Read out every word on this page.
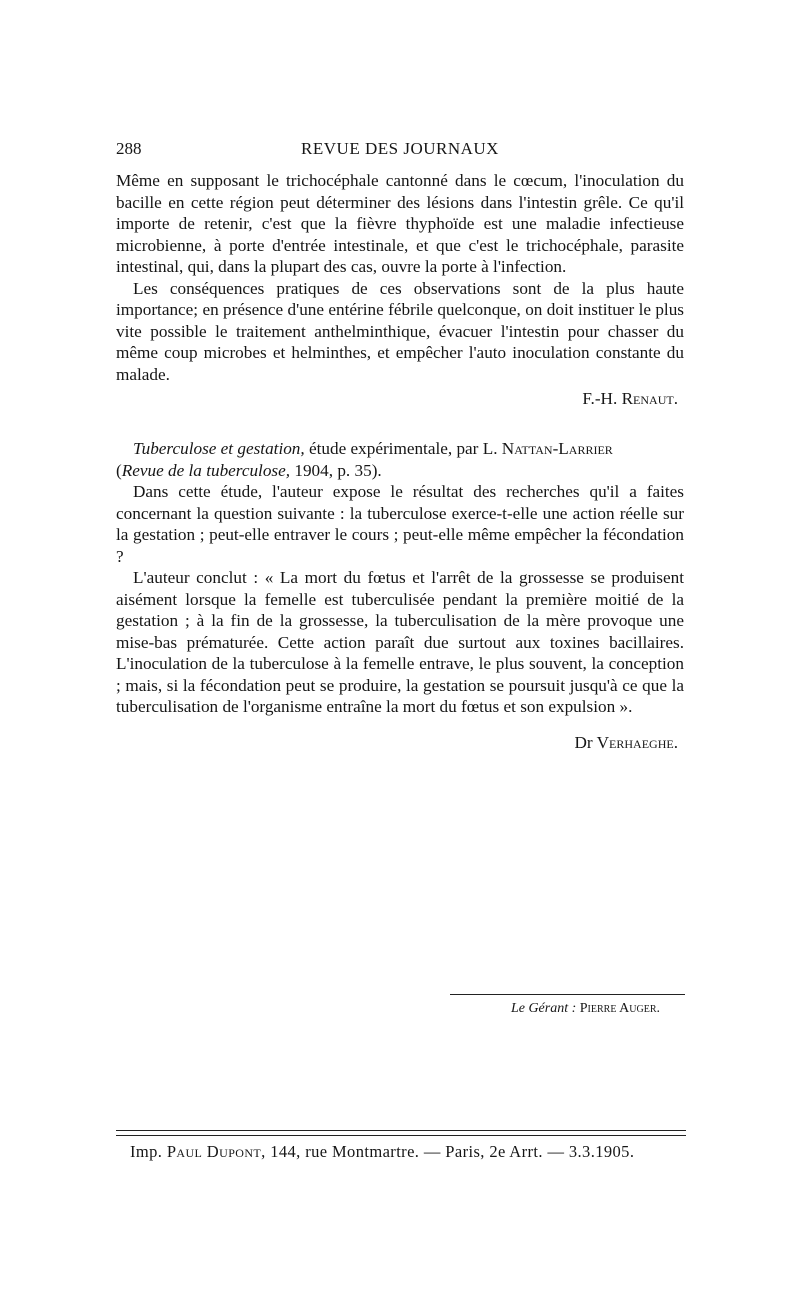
288	REVUE DES JOURNAUX

Même en supposant le trichocéphale cantonné dans le cœcum, l'inoculation du bacille en cette région peut déterminer des lésions dans l'intestin grêle. Ce qu'il importe de retenir, c'est que la fièvre thyphoïde est une maladie infectieuse microbienne, à porte d'entrée intestinale, et que c'est le trichocéphale, parasite intestinal, qui, dans la plupart des cas, ouvre la porte à l'infection.

Les conséquences pratiques de ces observations sont de la plus haute importance; en présence d'une entérine fébrile quelconque, on doit instituer le plus vite possible le traitement anthelminthique, évacuer l'intestin pour chasser du même coup microbes et helminthes, et empêcher l'auto inoculation constante du malade.

F.-H. Renaut.

Tuberculose et gestation, étude expérimentale, par L. Nattan-Larrier
(Revue de la tuberculose, 1904, p. 35).

Dans cette étude, l'auteur expose le résultat des recherches qu'il a faites concernant la question suivante : la tuberculose exerce-t-elle une action réelle sur la gestation ; peut-elle entraver le cours ; peut-elle même empêcher la fécondation ?

L'auteur conclut : « La mort du fœtus et l'arrêt de la grossesse se produisent aisément lorsque la femelle est tuberculisée pendant la première moitié de la gestation ; à la fin de la grossesse, la tuberculisation de la mère provoque une mise-bas prématurée. Cette action paraît due surtout aux toxines bacillaires. L'inoculation de la tuberculose à la femelle entrave, le plus souvent, la conception ; mais, si la fécondation peut se produire, la gestation se poursuit jusqu'à ce que la tuberculisation de l'organisme entraîne la mort du fœtus et son expulsion ».

Dr Verhaeghe.

Le Gérant : Pierre Auger.
Imp. Paul Dupont, 144, rue Montmartre. — Paris, 2e Arrt. — 3.3.1905.
